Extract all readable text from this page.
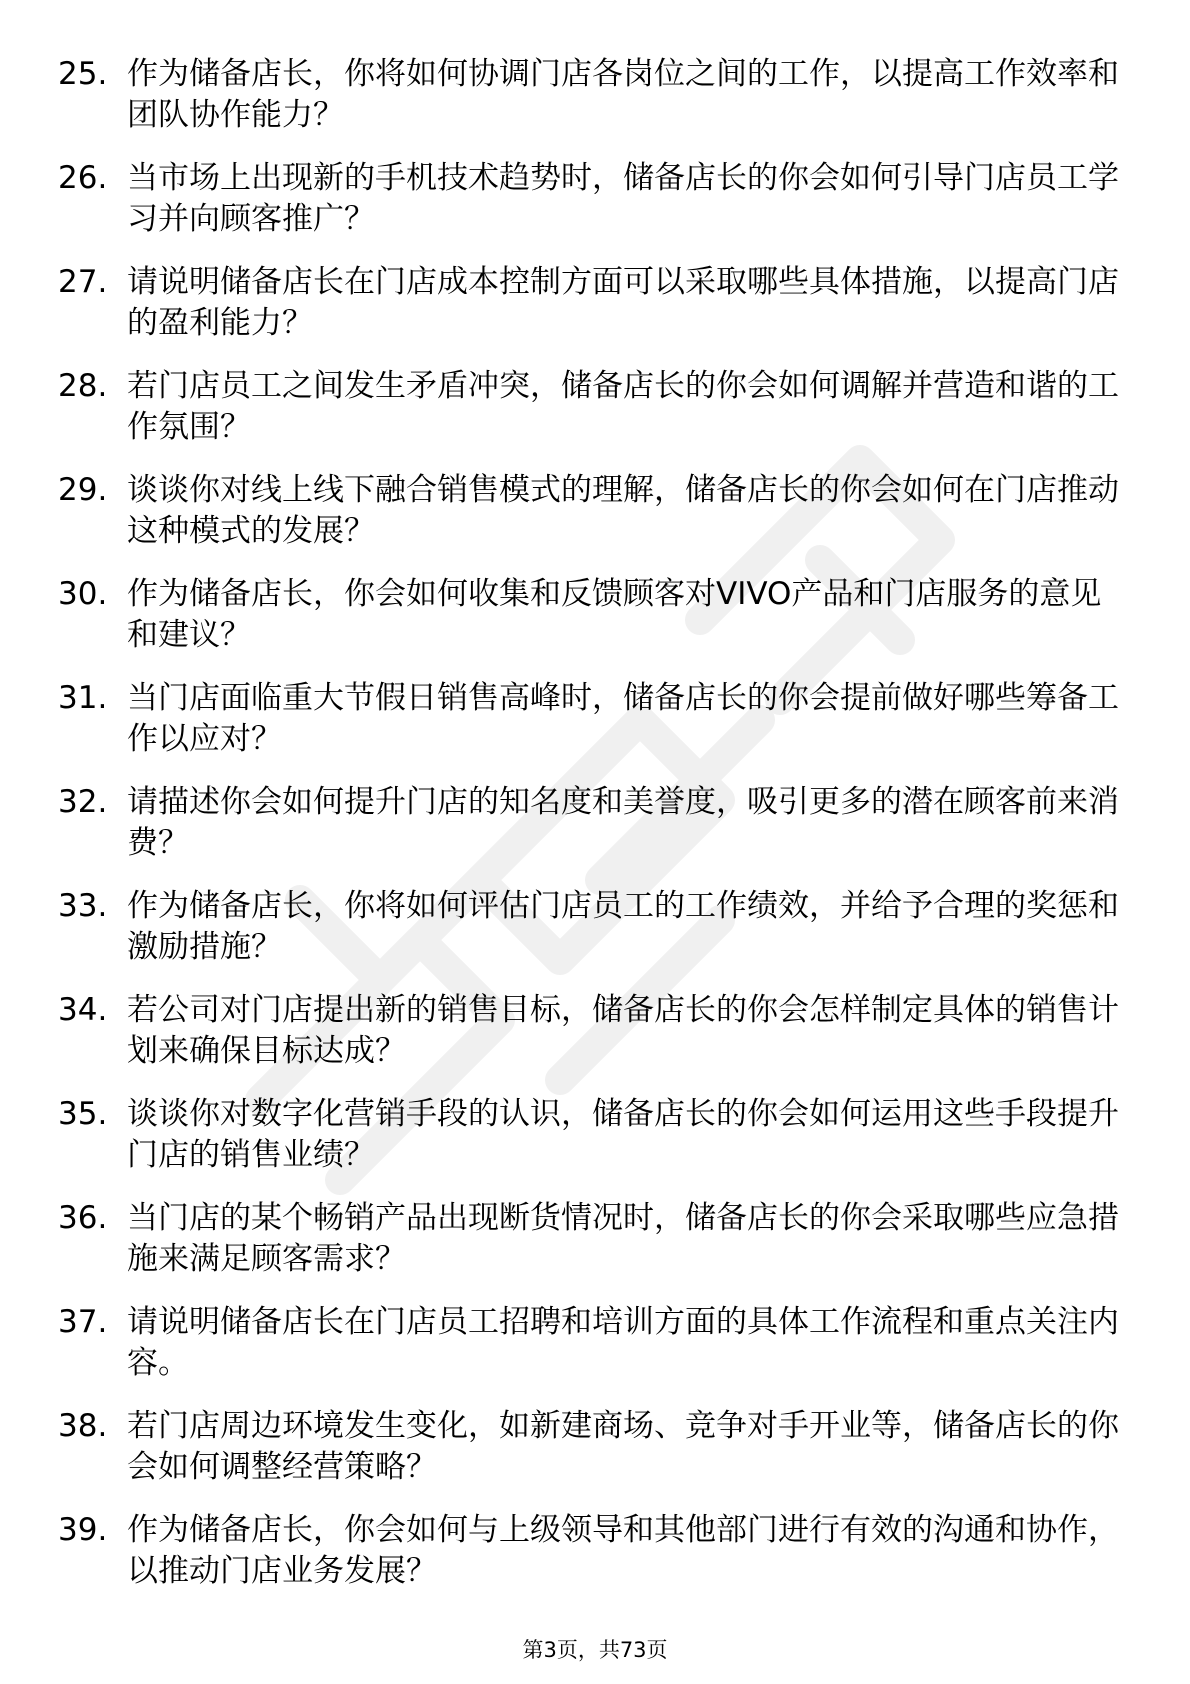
25. 作为储备店长，你将如何协调门店各岗位之间的工作，以提高工作效率和团队协作能力？
26. 当市场上出现新的手机技术趋势时，储备店长的你会如何引导门店员工学习并向顾客推广？
27. 请说明储备店长在门店成本控制方面可以采取哪些具体措施，以提高门店的盈利能力？
28. 若门店员工之间发生矛盾冲突，储备店长的你会如何调解并营造和谐的工作氛围？
29. 谈谈你对线上线下融合销售模式的理解，储备店长的你会如何在门店推动这种模式的发展？
30. 作为储备店长，你会如何收集和反馈顾客对VIVO产品和门店服务的意见和建议？
31. 当门店面临重大节假日销售高峰时，储备店长的你会提前做好哪些筹备工作以应对？
32. 请描述你会如何提升门店的知名度和美誉度，吸引更多的潜在顾客前来消费？
33. 作为储备店长，你将如何评估门店员工的工作绩效，并给予合理的奖惩和激励措施？
34. 若公司对门店提出新的销售目标，储备店长的你会怎样制定具体的销售计划来确保目标达成？
35. 谈谈你对数字化营销手段的认识，储备店长的你会如何运用这些手段提升门店的销售业绩？
36. 当门店的某个畅销产品出现断货情况时，储备店长的你会采取哪些应急措施来满足顾客需求？
37. 请说明储备店长在门店员工招聘和培训方面的具体工作流程和重点关注内容。
38. 若门店周边环境发生变化，如新建商场、竞争对手开业等，储备店长的你会如何调整经营策略？
39. 作为储备店长，你会如何与上级领导和其他部门进行有效的沟通和协作，以推动门店业务发展？
第3页，共73页
